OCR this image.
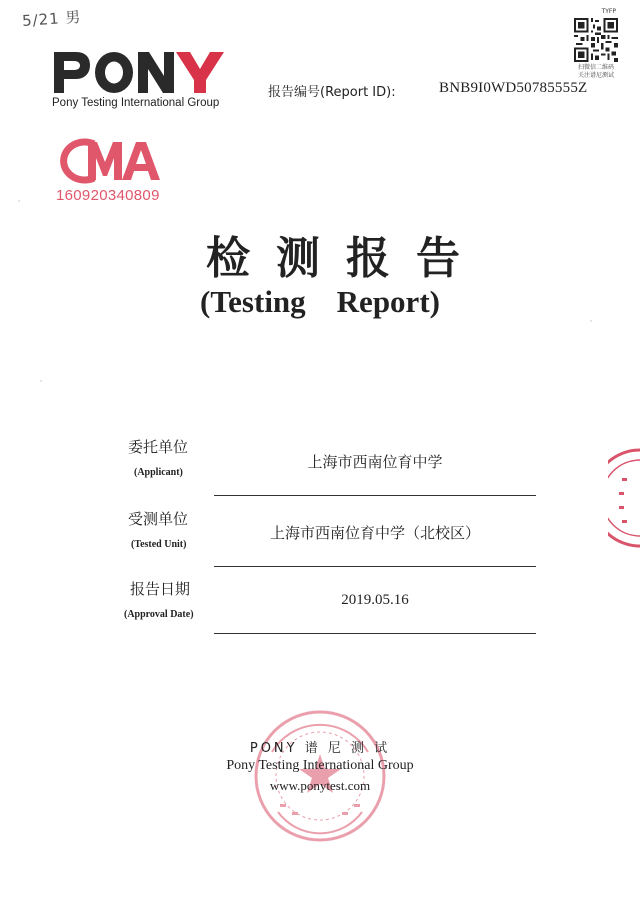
5/21 男	TYFP
Pony Testing International Group
报告编号(Report ID):	BNB9I0WD50785555Z
扫微信二维码
关注谱尼测试
160920340809
检测报告
(Testing    Report)
委托单位
(Applicant)
上海市西南位育中学
受测单位
(Tested Unit)
上海市西南位育中学（北校区）
报告日期
(Approval Date)
2019.05.16
PONY 谱 尼 测 试
Pony Testing International Group
www.ponytest.com
